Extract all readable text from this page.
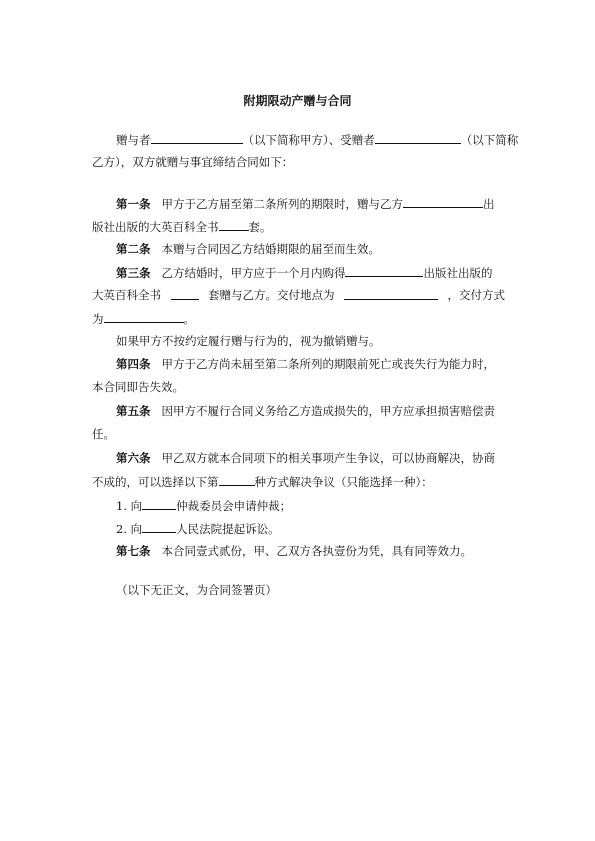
附期限动产赠与合同
赠与者	（以下简称甲方）、受赠者	（以下简称
乙方），双方就赠与事宜缔结合同如下：
第一条 甲方于乙方届至第二条所列的期限时，赠与乙方	出
版社出版的大英百科全书	套。
第二条 本赠与合同因乙方结婚期限的届至而生效。
第三条 乙方结婚时，甲方应于一个月内购得	出版社出版的
大英百科全书	套赠与乙方。交付地点为	，交付方式
为	。
如果甲方不按约定履行赠与行为的，视为撤销赠与。
第四条 甲方于乙方尚未届至第二条所列的期限前死亡或丧失行为能力时，
本合同即告失效。
第五条 因甲方不履行合同义务给乙方造成损失的，甲方应承担损害赔偿责
任。
第六条 甲乙双方就本合同项下的相关事项产生争议，可以协商解决，协商
不成的，可以选择以下第	种方式解决争议（只能选择一种）：
1. 向	仲裁委员会申请仲裁；
2. 向	人民法院提起诉讼。
第七条 本合同壹式贰份，甲、乙双方各执壹份为凭，具有同等效力。
（以下无正文，为合同签署页）
